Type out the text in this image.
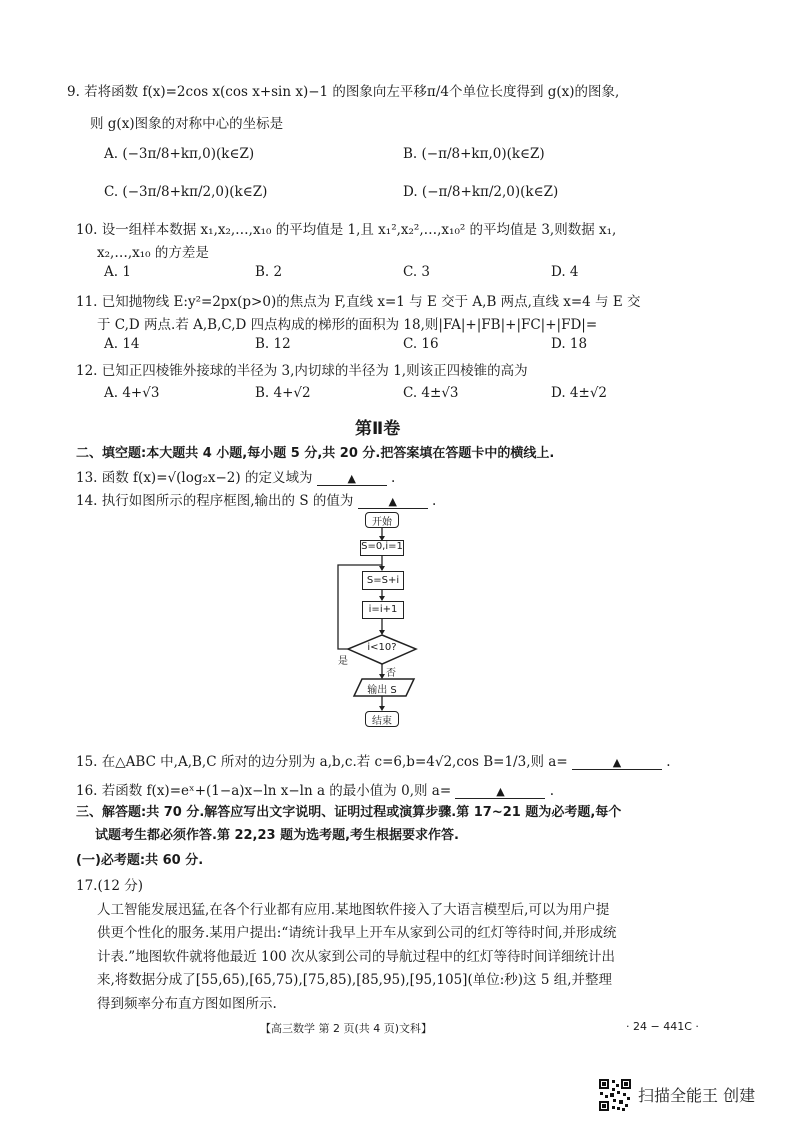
9. 若将函数 f(x)=2cos x(cos x+sin x)−1 的图象向左平移π/4个单位长度得到 g(x)的图象,
则 g(x)图象的对称中心的坐标是
A. (−3π/8+kπ,0)(k∈Z)	B. (−π/8+kπ,0)(k∈Z)
C. (−3π/8+kπ/2,0)(k∈Z)	D. (−π/8+kπ/2,0)(k∈Z)
10. 设一组样本数据 x₁,x₂,…,x₁₀ 的平均值是 1,且 x₁²,x₂²,…,x₁₀² 的平均值是 3,则数据 x₁,
x₂,…,x₁₀ 的方差是
A. 1	B. 2	C. 3	D. 4
11. 已知抛物线 E:y²=2px(p>0)的焦点为 F,直线 x=1 与 E 交于 A,B 两点,直线 x=4 与 E 交
于 C,D 两点.若 A,B,C,D 四点构成的梯形的面积为 18,则|FA|+|FB|+|FC|+|FD|=
A. 14	B. 12	C. 16	D. 18
12. 已知正四棱锥外接球的半径为 3,内切球的半径为 1,则该正四棱锥的高为
A. 4+√3	B. 4+√2	C. 4±√3	D. 4±√2
第Ⅱ卷
二、填空题:本大题共 4 小题,每小题 5 分,共 20 分.把答案填在答题卡中的横线上.
13. 函数 f(x)=√(log₂x−2) 的定义域为	▲	.
14. 执行如图所示的程序框图,输出的 S 的值为	▲	.
开始
S=0,i=1
S=S+i
i=i+1
i<10?
是
否
输出 S
结束
15. 在△ABC 中,A,B,C 所对的边分别为 a,b,c.若 c=6,b=4√2,cos B=1/3,则 a=	▲	.
16. 若函数 f(x)=eˣ+(1−a)x−ln x−ln a 的最小值为 0,则 a=	▲	.
三、解答题:共 70 分.解答应写出文字说明、证明过程或演算步骤.第 17~21 题为必考题,每个
试题考生都必须作答.第 22,23 题为选考题,考生根据要求作答.
(一)必考题:共 60 分.
17.(12 分)
人工智能发展迅猛,在各个行业都有应用.某地图软件接入了大语言模型后,可以为用户提
供更个性化的服务.某用户提出:“请统计我早上开车从家到公司的红灯等待时间,并形成统
计表.”地图软件就将他最近 100 次从家到公司的导航过程中的红灯等待时间详细统计出
来,将数据分成了[55,65),[65,75),[75,85),[85,95),[95,105](单位:秒)这 5 组,并整理
得到频率分布直方图如图所示.
【高三数学 第 2 页(共 4 页)文科】	· 24 − 441C ·
扫描全能王 创建
